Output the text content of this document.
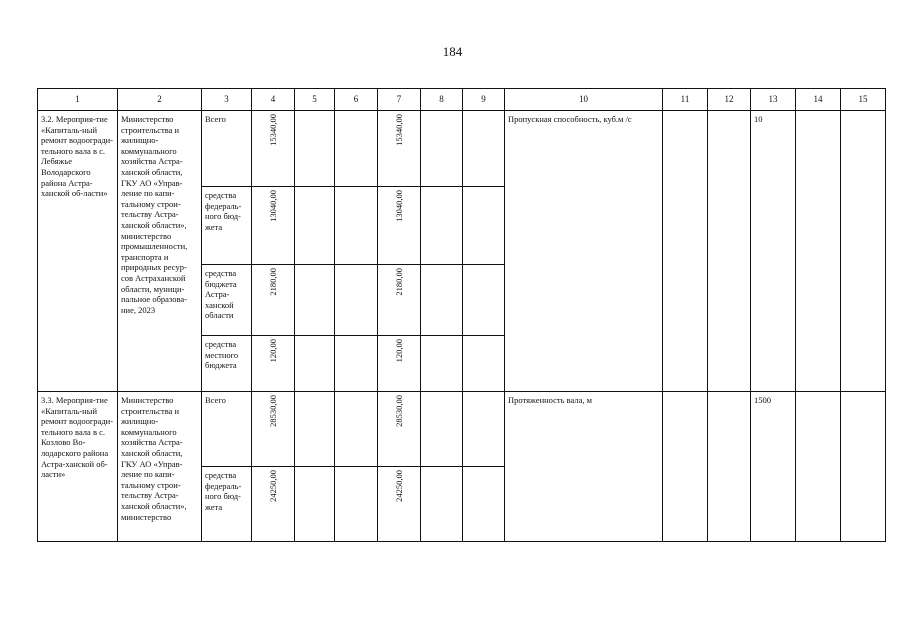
184
1	2	3	4	5	6	7	8	9	10	11	12	13	14	15
3.2. Мероприя-тие «Капиталь-ный ремонт водоогради-тельного вала в с. Лебяжье Володарского района Астра-ханской об-ласти»	Министерство строительства и жилищно-коммунального хозяйства Астра-ханской области, ГКУ АО «Управ-ление по капи-тальному строи-тельству Астра-ханской области», министерство промышленности, транспорта и природных ресур-сов Астраханской области, муници-пальное образова-ние, 2023	Всего	15340,00			15340,00			Пропускная способность, куб.м /с			10		
		средства федераль-ного бюд-жета	13040,00			13040,00								
		средства бюджета Астра-ханской области	2180,00			2180,00								
		средства местного бюджета	120,00			120,00								
3.3. Мероприя-тие «Капиталь-ный ремонт водоогради-тельного вала в с. Козлово Во-лодарского района Астра-ханской об-ласти»	Министерство строительства и жилищно-коммунального хозяйства Астра-ханской области, ГКУ АО «Управ-ление по капи-тальному строи-тельству Астра-ханской области», министерство	Всего	28530,00			28530,00			Протяженность вала, м			1500		
		средства федераль-ного бюд-жета	24250,00			24250,00								
